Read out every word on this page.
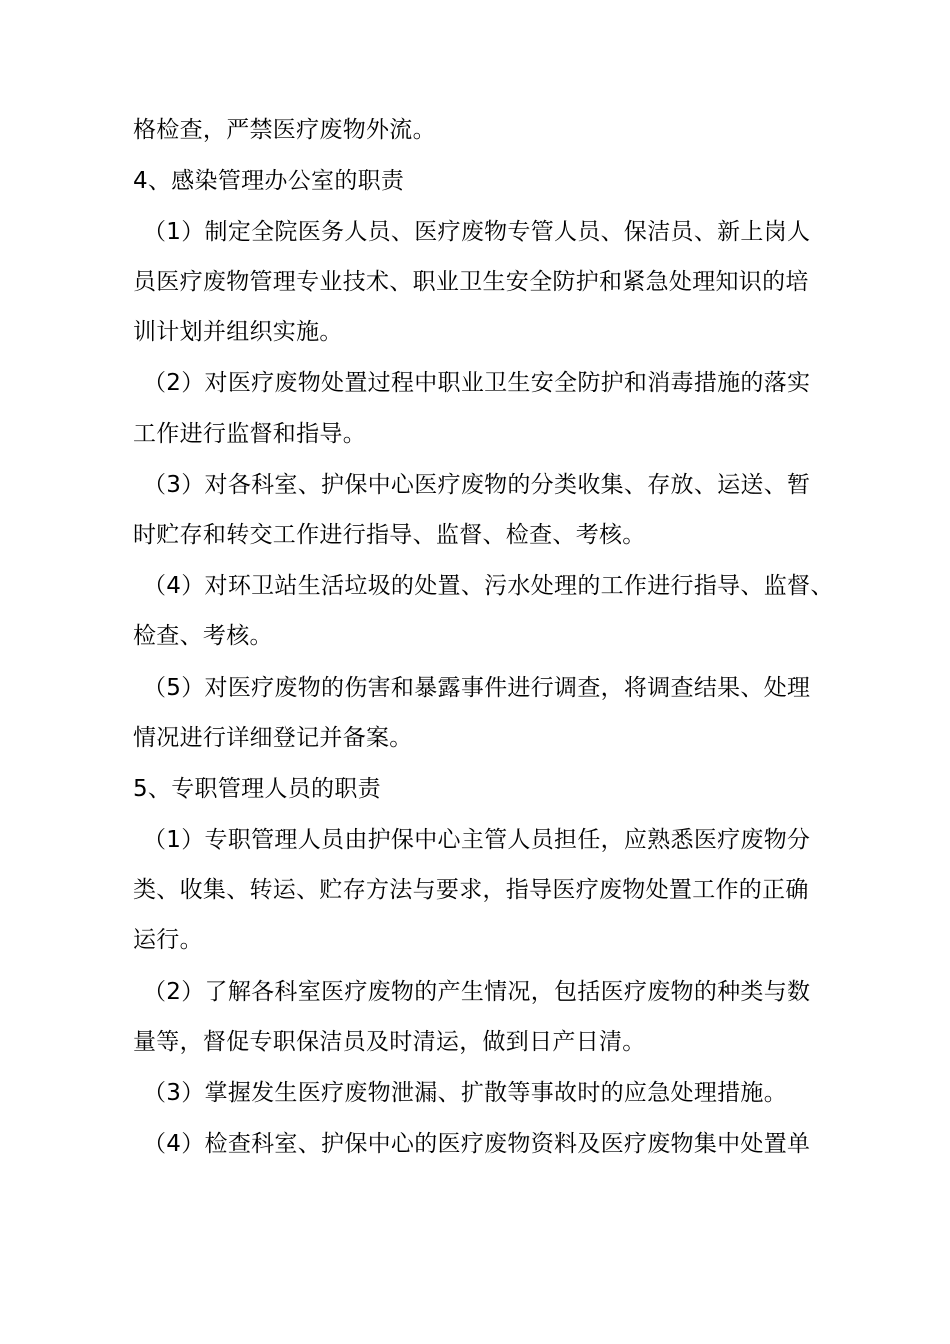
格检查，严禁医疗废物外流。
4、感染管理办公室的职责
（1）制定全院医务人员、医疗废物专管人员、保洁员、新上岗人
员医疗废物管理专业技术、职业卫生安全防护和紧急处理知识的培
训计划并组织实施。
（2）对医疗废物处置过程中职业卫生安全防护和消毒措施的落实
工作进行监督和指导。
（3）对各科室、护保中心医疗废物的分类收集、存放、运送、暂
时贮存和转交工作进行指导、监督、检查、考核。
（4）对环卫站生活垃圾的处置、污水处理的工作进行指导、监督、
检查、考核。
（5）对医疗废物的伤害和暴露事件进行调查，将调查结果、处理
情况进行详细登记并备案。
5、专职管理人员的职责
（1）专职管理人员由护保中心主管人员担任，应熟悉医疗废物分
类、收集、转运、贮存方法与要求，指导医疗废物处置工作的正确
运行。
（2）了解各科室医疗废物的产生情况，包括医疗废物的种类与数
量等，督促专职保洁员及时清运，做到日产日清。
（3）掌握发生医疗废物泄漏、扩散等事故时的应急处理措施。
（4）检查科室、护保中心的医疗废物资料及医疗废物集中处置单
